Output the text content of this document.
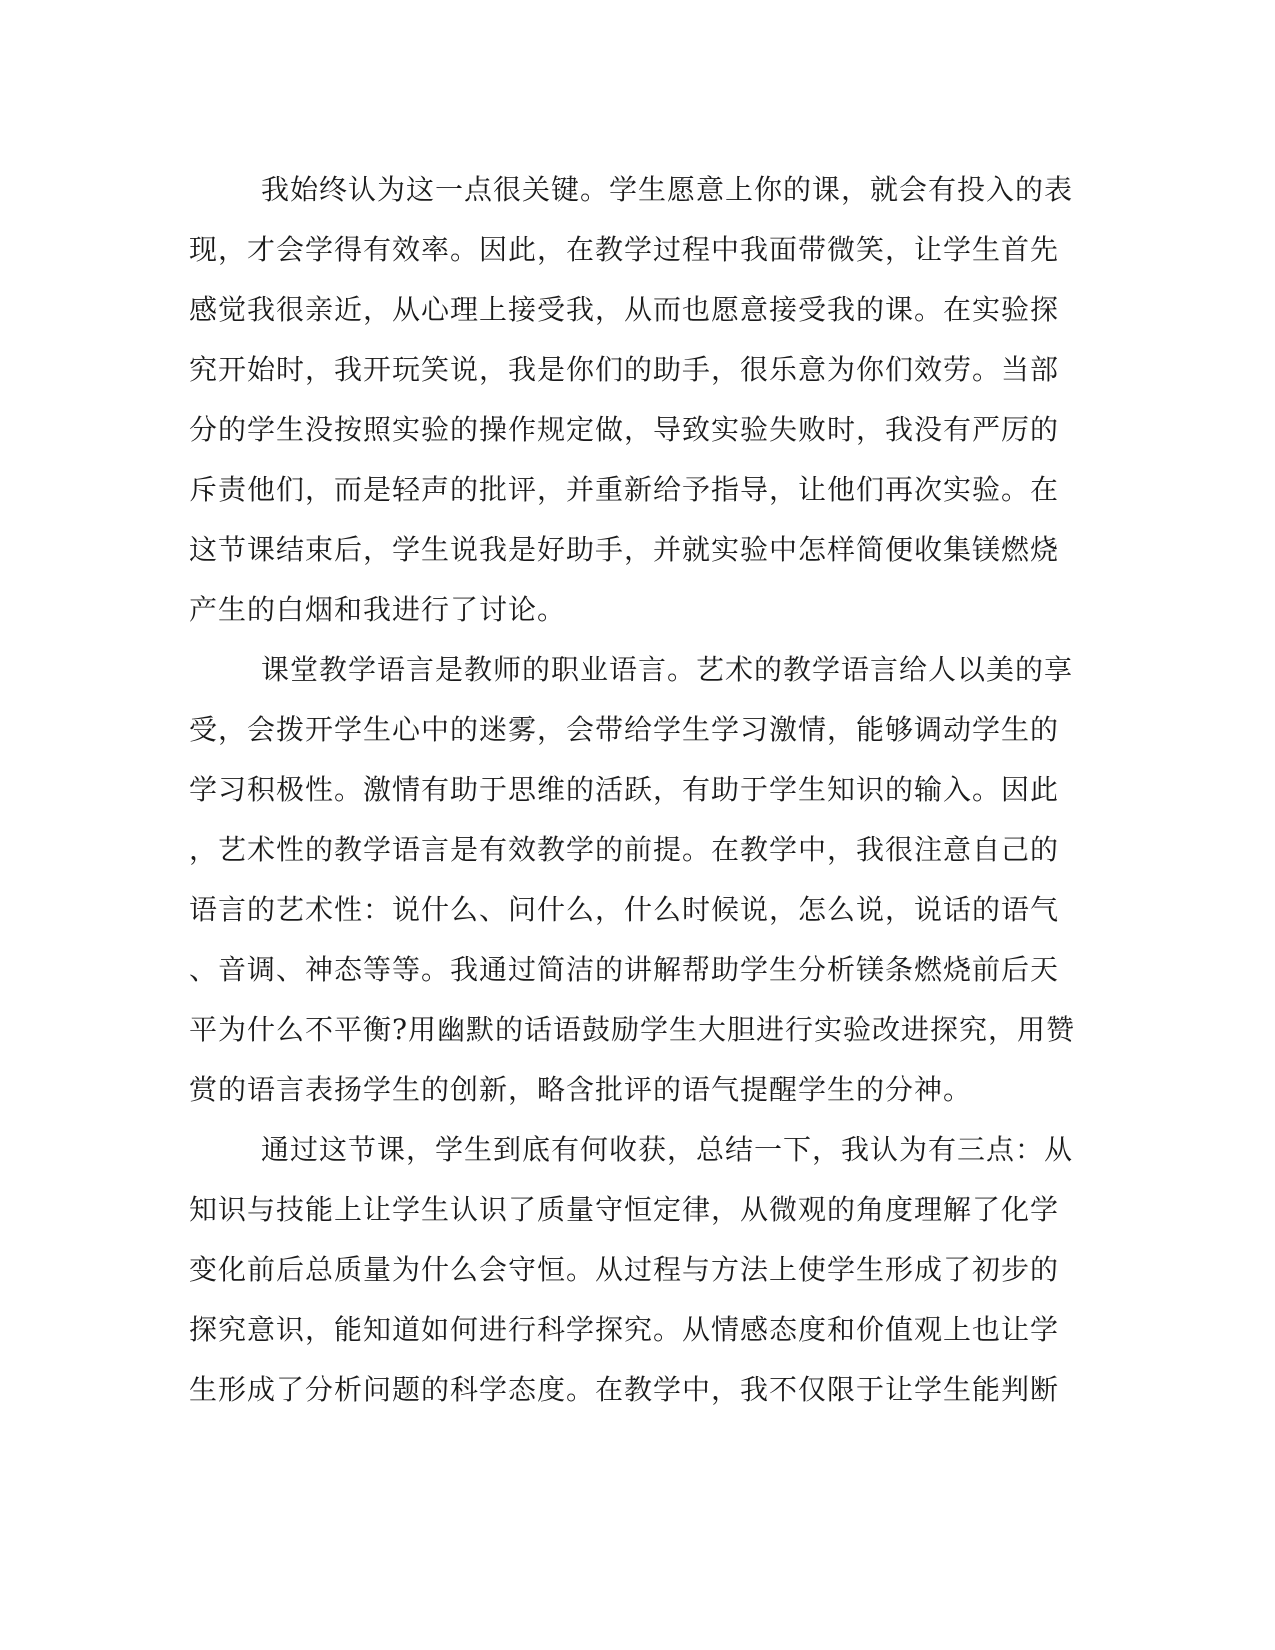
我始终认为这一点很关键。学生愿意上你的课，就会有投入的表
现，才会学得有效率。因此，在教学过程中我面带微笑，让学生首先
感觉我很亲近，从心理上接受我，从而也愿意接受我的课。在实验探
究开始时，我开玩笑说，我是你们的助手，很乐意为你们效劳。当部
分的学生没按照实验的操作规定做，导致实验失败时，我没有严厉的
斥责他们，而是轻声的批评，并重新给予指导，让他们再次实验。在
这节课结束后，学生说我是好助手，并就实验中怎样简便收集镁燃烧
产生的白烟和我进行了讨论。
课堂教学语言是教师的职业语言。艺术的教学语言给人以美的享
受，会拨开学生心中的迷雾，会带给学生学习激情，能够调动学生的
学习积极性。激情有助于思维的活跃，有助于学生知识的输入。因此
，艺术性的教学语言是有效教学的前提。在教学中，我很注意自己的
语言的艺术性：说什么、问什么，什么时候说，怎么说，说话的语气
、音调、神态等等。我通过简洁的讲解帮助学生分析镁条燃烧前后天
平为什么不平衡?用幽默的话语鼓励学生大胆进行实验改进探究，用赞
赏的语言表扬学生的创新，略含批评的语气提醒学生的分神。
通过这节课，学生到底有何收获，总结一下，我认为有三点：从
知识与技能上让学生认识了质量守恒定律，从微观的角度理解了化学
变化前后总质量为什么会守恒。从过程与方法上使学生形成了初步的
探究意识，能知道如何进行科学探究。从情感态度和价值观上也让学
生形成了分析问题的科学态度。在教学中，我不仅限于让学生能判断
